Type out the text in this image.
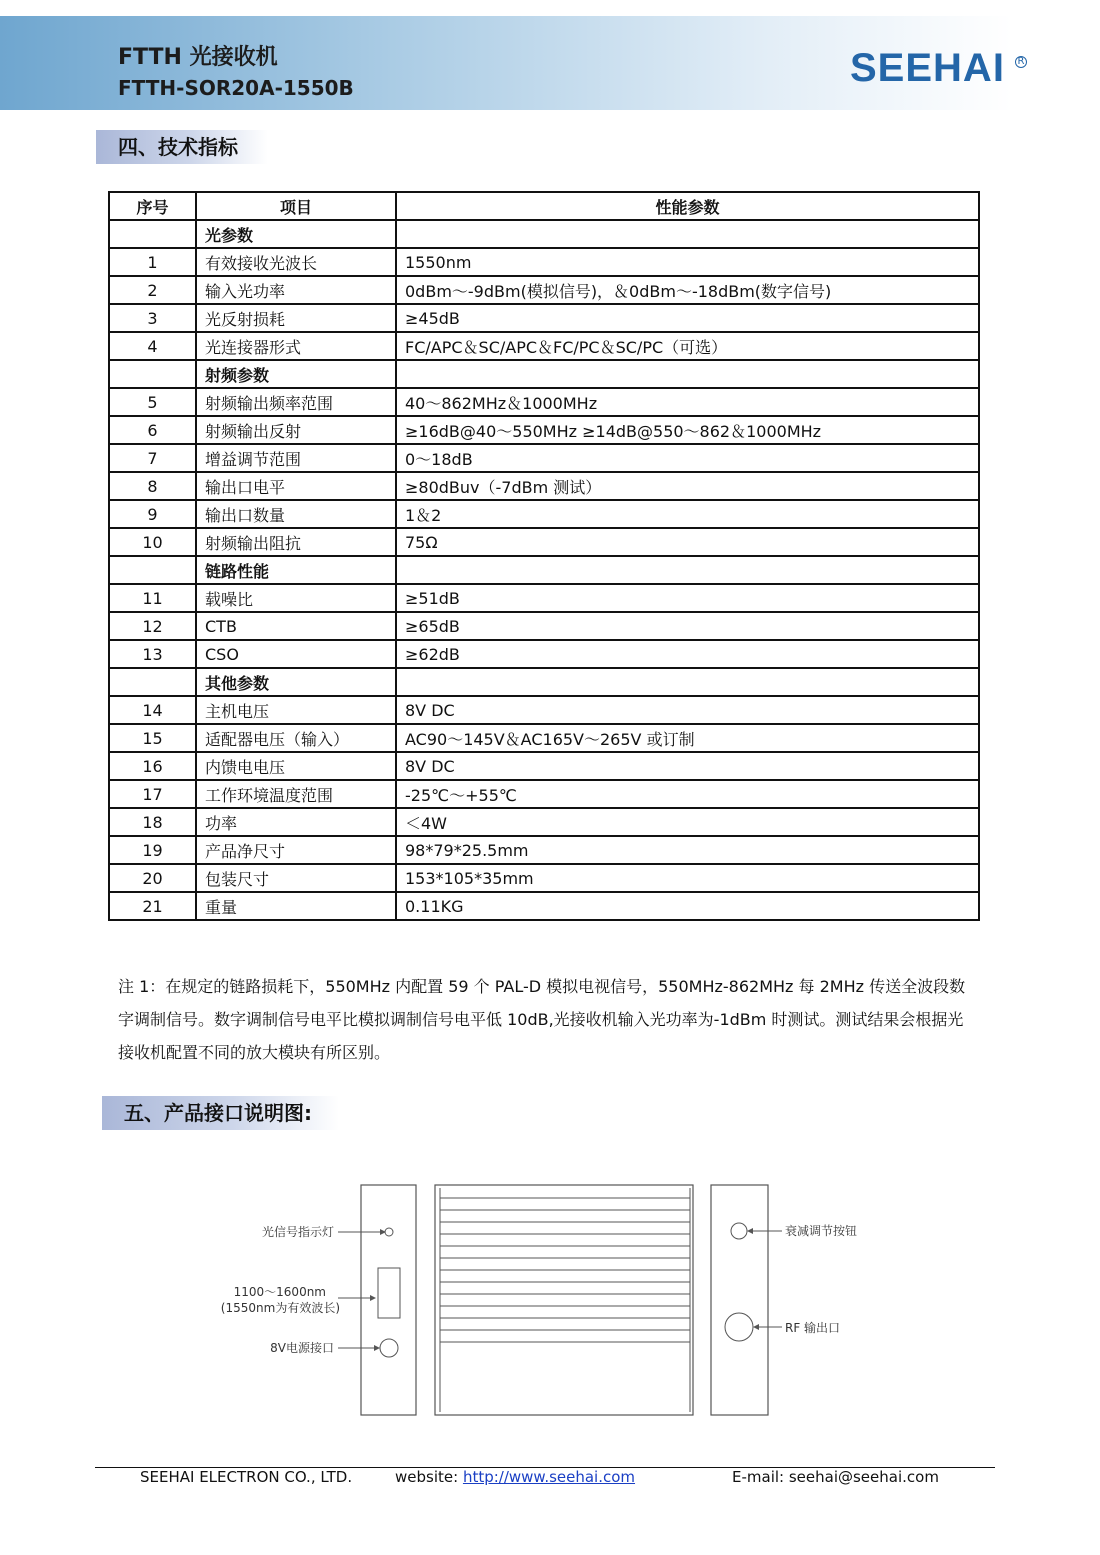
FTTH 光接收机
FTTH-SOR20A-1550B	SEEHAI R
四、技术指标
序号	项目	性能参数
	光参数	
1	有效接收光波长	1550nm
2	输入光功率	0dBm～-9dBm(模拟信号)，＆0dBm～-18dBm(数字信号)
3	光反射损耗	≥45dB
4	光连接器形式	FC/APC＆SC/APC＆FC/PC＆SC/PC（可选）
	射频参数	
5	射频输出频率范围	40～862MHz＆1000MHz
6	射频输出反射	≥16dB@40～550MHz ≥14dB@550～862＆1000MHz
7	增益调节范围	0～18dB
8	输出口电平	≥80dBuv（-7dBm 测试）
9	输出口数量	1＆2
10	射频输出阻抗	75Ω
	链路性能	
11	载噪比	≥51dB
12	CTB	≥65dB
13	CSO	≥62dB
	其他参数	
14	主机电压	8V DC
15	适配器电压（输入）	AC90～145V＆AC165V～265V 或订制
16	内馈电电压	8V DC
17	工作环境温度范围	-25℃～+55℃
18	功率	＜4W
19	产品净尺寸	98*79*25.5mm
20	包装尺寸	153*105*35mm
21	重量	0.11KG
注 1：在规定的链路损耗下，550MHz 内配置 59 个 PAL-D 模拟电视信号，550MHz-862MHz 每 2MHz 传送全波段数字调制信号。数字调制信号电平比模拟调制信号电平低 10dB,光接收机输入光功率为-1dBm 时测试。测试结果会根据光接收机配置不同的放大模块有所区别。
五、产品接口说明图:
光信号指示灯
1100～1600nm
(1550nm为有效波长)
8V电源接口
衰减调节按钮
RF 输出口
SEEHAI ELECTRON CO., LTD.	website: http://www.seehai.com	E-mail: seehai@seehai.com
